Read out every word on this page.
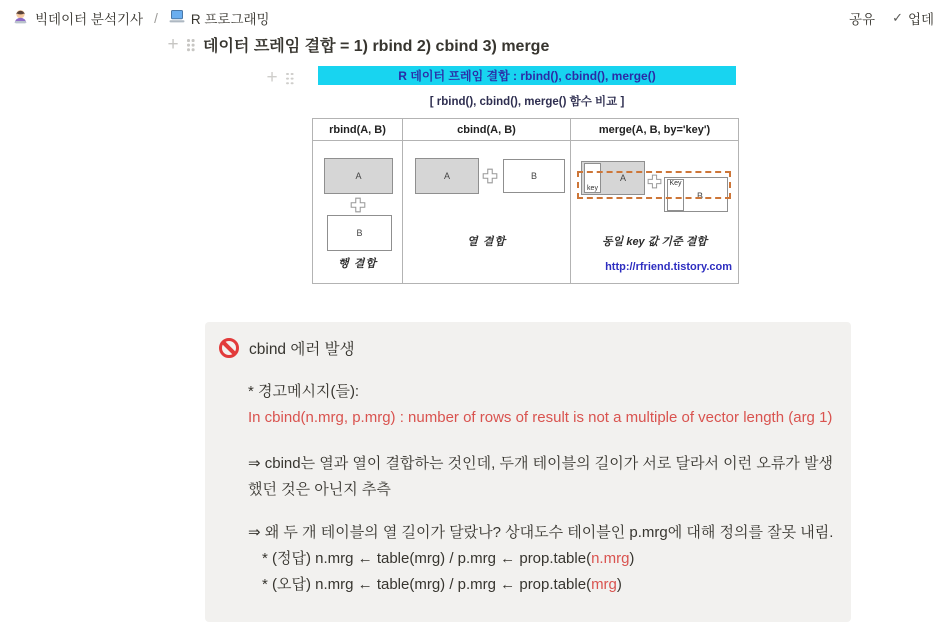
빅데이터 분석기사 / R 프로그래밍	공유 ✓ 업데
+ 데이터 프레임 결합 = 1) rbind 2) cbind 3) merge
+	R 데이터 프레임 결합 : rbind(), cbind(), merge()
[ rbind(), cbind(), merge() 함수 비교 ]
rbind(A, B)	cbind(A, B)	merge(A, B, by='key')
A
B
행 결합
A	B
열 결합
A
key
Key
B
동일 key 값 기준 결합
http://rfriend.tistory.com
cbind 에러 발생
* 경고메시지(들):
In cbind(n.mrg, p.mrg) : number of rows of result is not a multiple of vector length (arg 1)
⇒ cbind는 열과 열이 결합하는 것인데, 두개 테이블의 길이가 서로 달라서 이런 오류가 발생 했던 것은 아닌지 추측
⇒ 왜 두 개 테이블의 열 길이가 달랐나? 상대도수 테이블인 p.mrg에 대해 정의를 잘못 내림.
* (정답) n.mrg ← table(mrg) / p.mrg ← prop.table(n.mrg)
* (오답) n.mrg ← table(mrg) / p.mrg ← prop.table(mrg)
